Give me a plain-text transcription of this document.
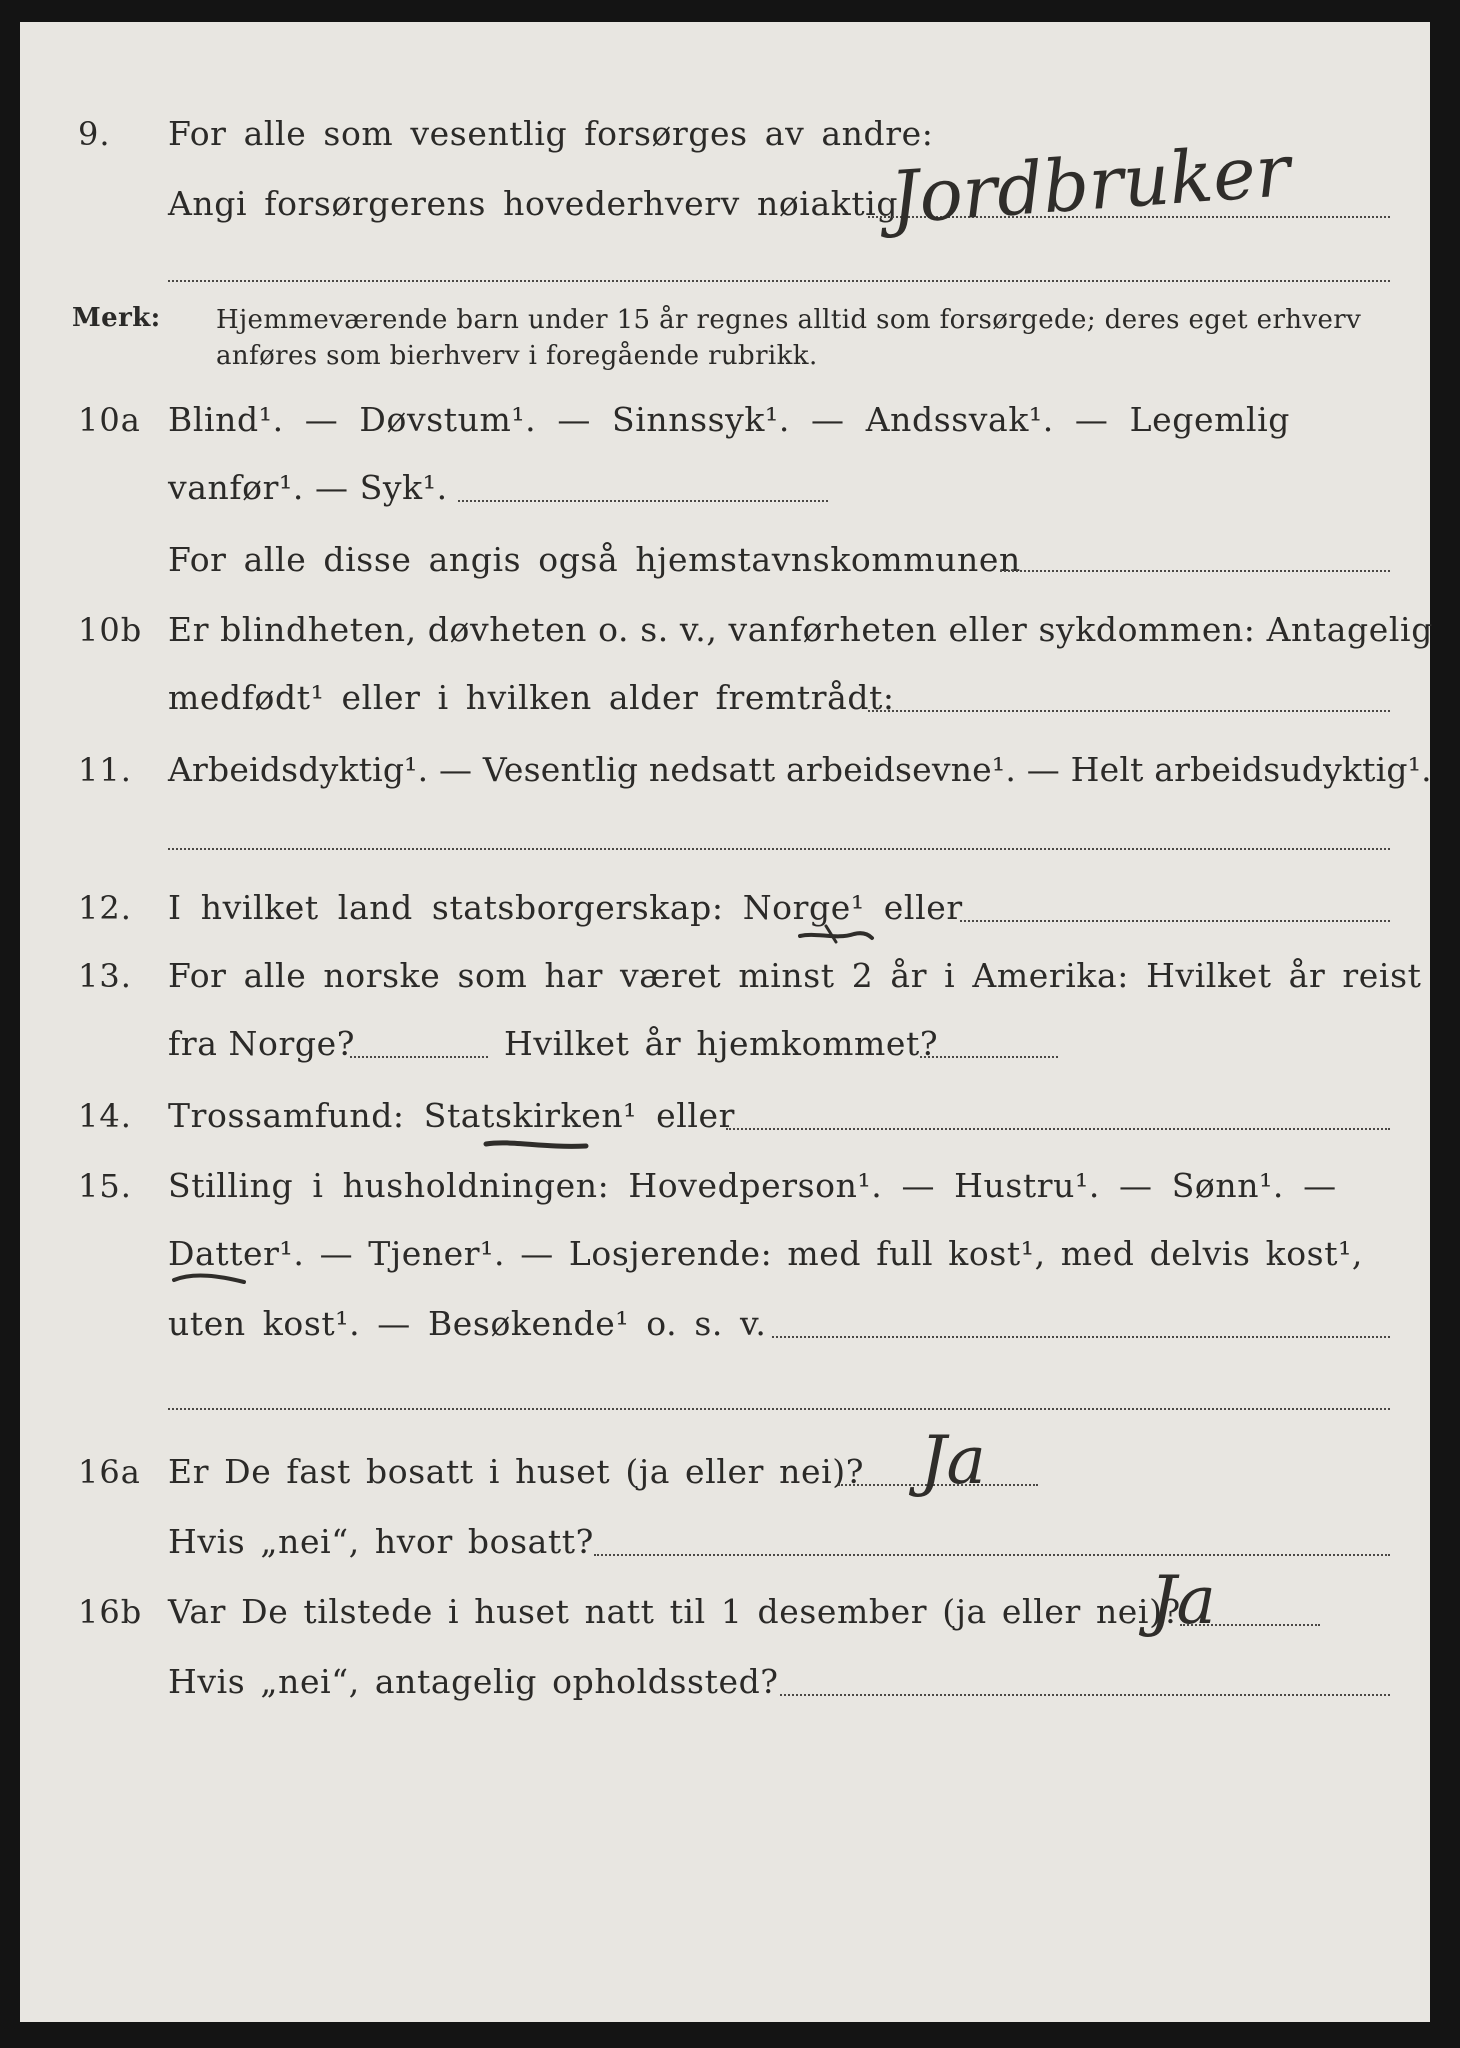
9. For alle som vesentlig forsørges av andre:
Angi forsørgerens hovederhverv nøiaktig
Jordbruker
Merk: Hjemmeværende barn under 15 år regnes alltid som forsørgede; deres eget erhverv
anføres som bierhverv i foregående rubrikk.
10a Blind¹. — Døvstum¹. — Sinnssyk¹. — Andssvak¹. — Legemlig
vanfør¹. — Syk¹.
For alle disse angis også hjemstavnskommunen
10b Er blindheten, døvheten o. s. v., vanførheten eller sykdommen: Antagelig
medfødt¹ eller i hvilken alder fremtrådt:
11. Arbeidsdyktig¹. — Vesentlig nedsatt arbeidsevne¹. — Helt arbeidsudyktig¹.
12. I hvilket land statsborgerskap: Norge¹ eller
13. For alle norske som har været minst 2 år i Amerika: Hvilket år reist
fra Norge?	Hvilket år hjemkommet?
14. Trossamfund: Statskirken¹ eller
15. Stilling i husholdningen: Hovedperson¹. — Hustru¹. — Sønn¹. —
Datter¹. — Tjener¹. — Losjerende: med full kost¹, med delvis kost¹,
uten kost¹. — Besøkende¹ o. s. v.
16a Er De fast bosatt i huset (ja eller nei)? Ja
Hvis „nei“, hvor bosatt?
16b Var De tilstede i huset natt til 1 desember (ja eller nei)?
Ja
Hvis „nei“, antagelig opholdssted?
